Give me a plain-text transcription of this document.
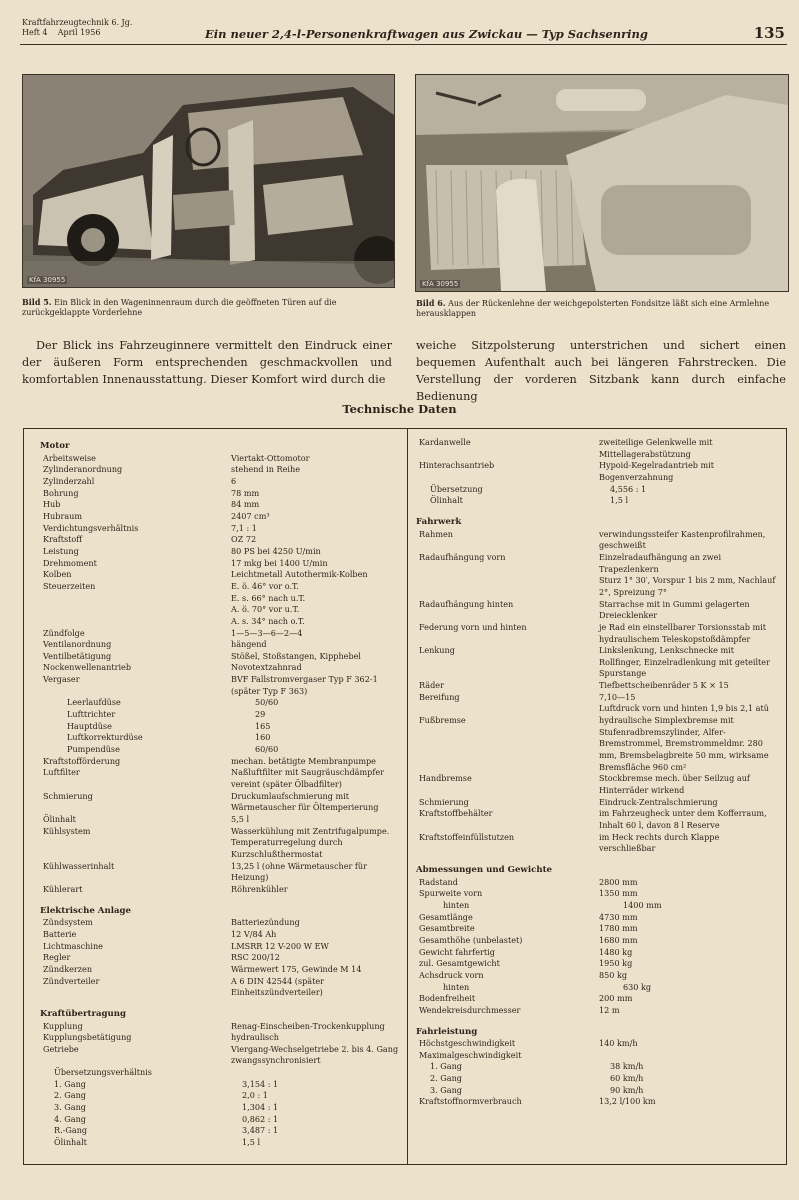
Kraftfahrzeugtechnik 6. Jg.
Heft 4 April 1956	Ein neuer 2,4-l-Personenkraftwagen aus Zwickau — Typ Sachsenring	135
KfA 30955	KfA 30955
Bild 5. Ein Blick in den Wageninnenraum durch die geöffneten Türen auf die zurückgeklappte Vorderlehne
Bild 6. Aus der Rückenlehne der weichgepolsterten Fondsitze läßt sich eine Armlehne herausklappen

Der Blick ins Fahrzeuginnere vermittelt den Eindruck einer der äußeren Form entsprechenden geschmackvollen und komfortablen Innenausstattung. Dieser Komfort wird durch die

weiche Sitzpolsterung unterstrichen und sichert einen bequemen Aufenthalt auch bei längeren Fahrstrecken. Die Verstellung der vorderen Sitzbank kann durch einfache Bedienung

Technische Daten
Motor
Arbeitsweise	Viertakt-Ottomotor
Zylinderanordnung	stehend in Reihe
Zylinderzahl	6
Bohrung	78 mm
Hub	84 mm
Hubraum	2407 cm³
Verdichtungsverhältnis	7,1 : 1
Kraftstoff	OZ 72
Leistung	80 PS bei 4250 U/min
Drehmoment	17 mkg bei 1400 U/min
Kolben	Leichtmetall Autothermik-Kolben
Steuerzeiten	E. ö. 46° vor o.T.
E. s. 66° nach u.T.
A. ö. 70° vor u.T.
A. s. 34° nach o.T.
Zündfolge	1—5—3—6—2—4
Ventilanordnung	hängend
Ventilbetätigung	Stößel, Stoßstangen, Kipphebel
Nockenwellenantrieb	Novotextzahnrad
Vergaser	BVF Fallstromvergaser Typ F 362-1 (später Typ F 363)
Leerlaufdüse	50/60
Lufttrichter	29
Hauptdüse	165
Luftkorrekturdüse	160
Pumpendüse	60/60
Kraftstofförderung	mechan. betätigte Membranpumpe
Luftfilter	Naßluftfilter mit Saugräuschdämpfer vereint (später Ölbadfilter)
Schmierung	Druckumlaufschmierung mit Wärmetauscher für Öltemperierung
Ölinhalt	5,5 l
Kühlsystem	Wasserkühlung mit Zentrifugalpumpe. Temperaturregelung durch Kurzschlußthermostat
Kühlwasserinhalt	13,25 l (ohne Wärmetauscher für Heizung)
Kühlerart	Röhrenkühler
Elektrische Anlage
Zündsystem	Batteriezündung
Batterie	12 V/84 Ah
Lichtmaschine	LMSRR 12 V-200 W EW
Regler	RSC 200/12
Zündkerzen	Wärmewert 175, Gewinde M 14
Zündverteiler	A 6 DIN 42544 (später Einheitszündverteiler)
Kraftübertragung
Kupplung	Renag-Einscheiben-Trockenkupplung
Kupplungsbetätigung	hydraulisch
Getriebe	Viergang-Wechselgetriebe 2. bis 4. Gang zwangssynchronisiert
Übersetzungsverhältnis
1. Gang	3,154 : 1
2. Gang	2,0 : 1
3. Gang	1,304 : 1
4. Gang	0,862 : 1
R.-Gang	3,487 : 1
Ölinhalt	1,5 l
Kardanwelle	zweiteilige Gelenkwelle mit Mittellagerabstützung
Hinterachsantrieb	Hypoid-Kegelradantrieb mit Bogenverzahnung
Übersetzung	4,556 : 1
Ölinhalt	1,5 l
Fahrwerk
Rahmen	verwindungssteifer Kastenprofilrahmen, geschweißt
Radaufhängung vorn	Einzelradaufhängung an zwei Trapezlenkern
Sturz 1° 30′, Vorspur 1 bis 2 mm, Nachlauf 2°, Spreizung 7°
Radaufhängung hinten	Starrachse mit in Gummi gelagerten Dreiecklenker
Federung vorn und hinten	je Rad ein einstellbarer Torsionsstab mit hydraulischem Teleskopstoßdämpfer
Lenkung	Linkslenkung, Lenkschnecke mit Rollfinger, Einzelradlenkung mit geteilter Spurstange
Räder	Tiefbettscheibenräder 5 K × 15
Bereifung	7,10—15
Luftdruck vorn und hinten 1,9 bis 2,1 atü
Fußbremse	hydraulische Simplexbremse mit Stufenradbremszylinder, Alfer-Bremstrommel, Bremstrommeldmr. 280 mm, Bremsbelagbreite 50 mm, wirksame Bremsfläche 960 cm²
Handbremse	Stockbremse mech. über Seilzug auf Hinterräder wirkend
Schmierung	Eindruck-Zentralschmierung
Kraftstoffbehälter	im Fahrzeugheck unter dem Kofferraum, Inhalt 60 l, davon 8 l Reserve
Kraftstoffeinfüllstutzen	im Heck rechts durch Klappe verschließbar
Abmessungen und Gewichte
Radstand	2800 mm
Spurweite vorn	1350 mm
hinten	1400 mm
Gesamtlänge	4730 mm
Gesamtbreite	1780 mm
Gesamthöhe (unbelastet)	1680 mm
Gewicht fahrfertig	1480 kg
zul. Gesamtgewicht	1950 kg
Achsdruck vorn	850 kg
hinten	630 kg
Bodenfreiheit	200 mm
Wendekreisdurchmesser	12 m
Fahrleistung
Höchstgeschwindigkeit	140 km/h
Maximalgeschwindigkeit
1. Gang	38 km/h
2. Gang	60 km/h
3. Gang	90 km/h
Kraftstoffnormverbrauch	13,2 l/100 km
